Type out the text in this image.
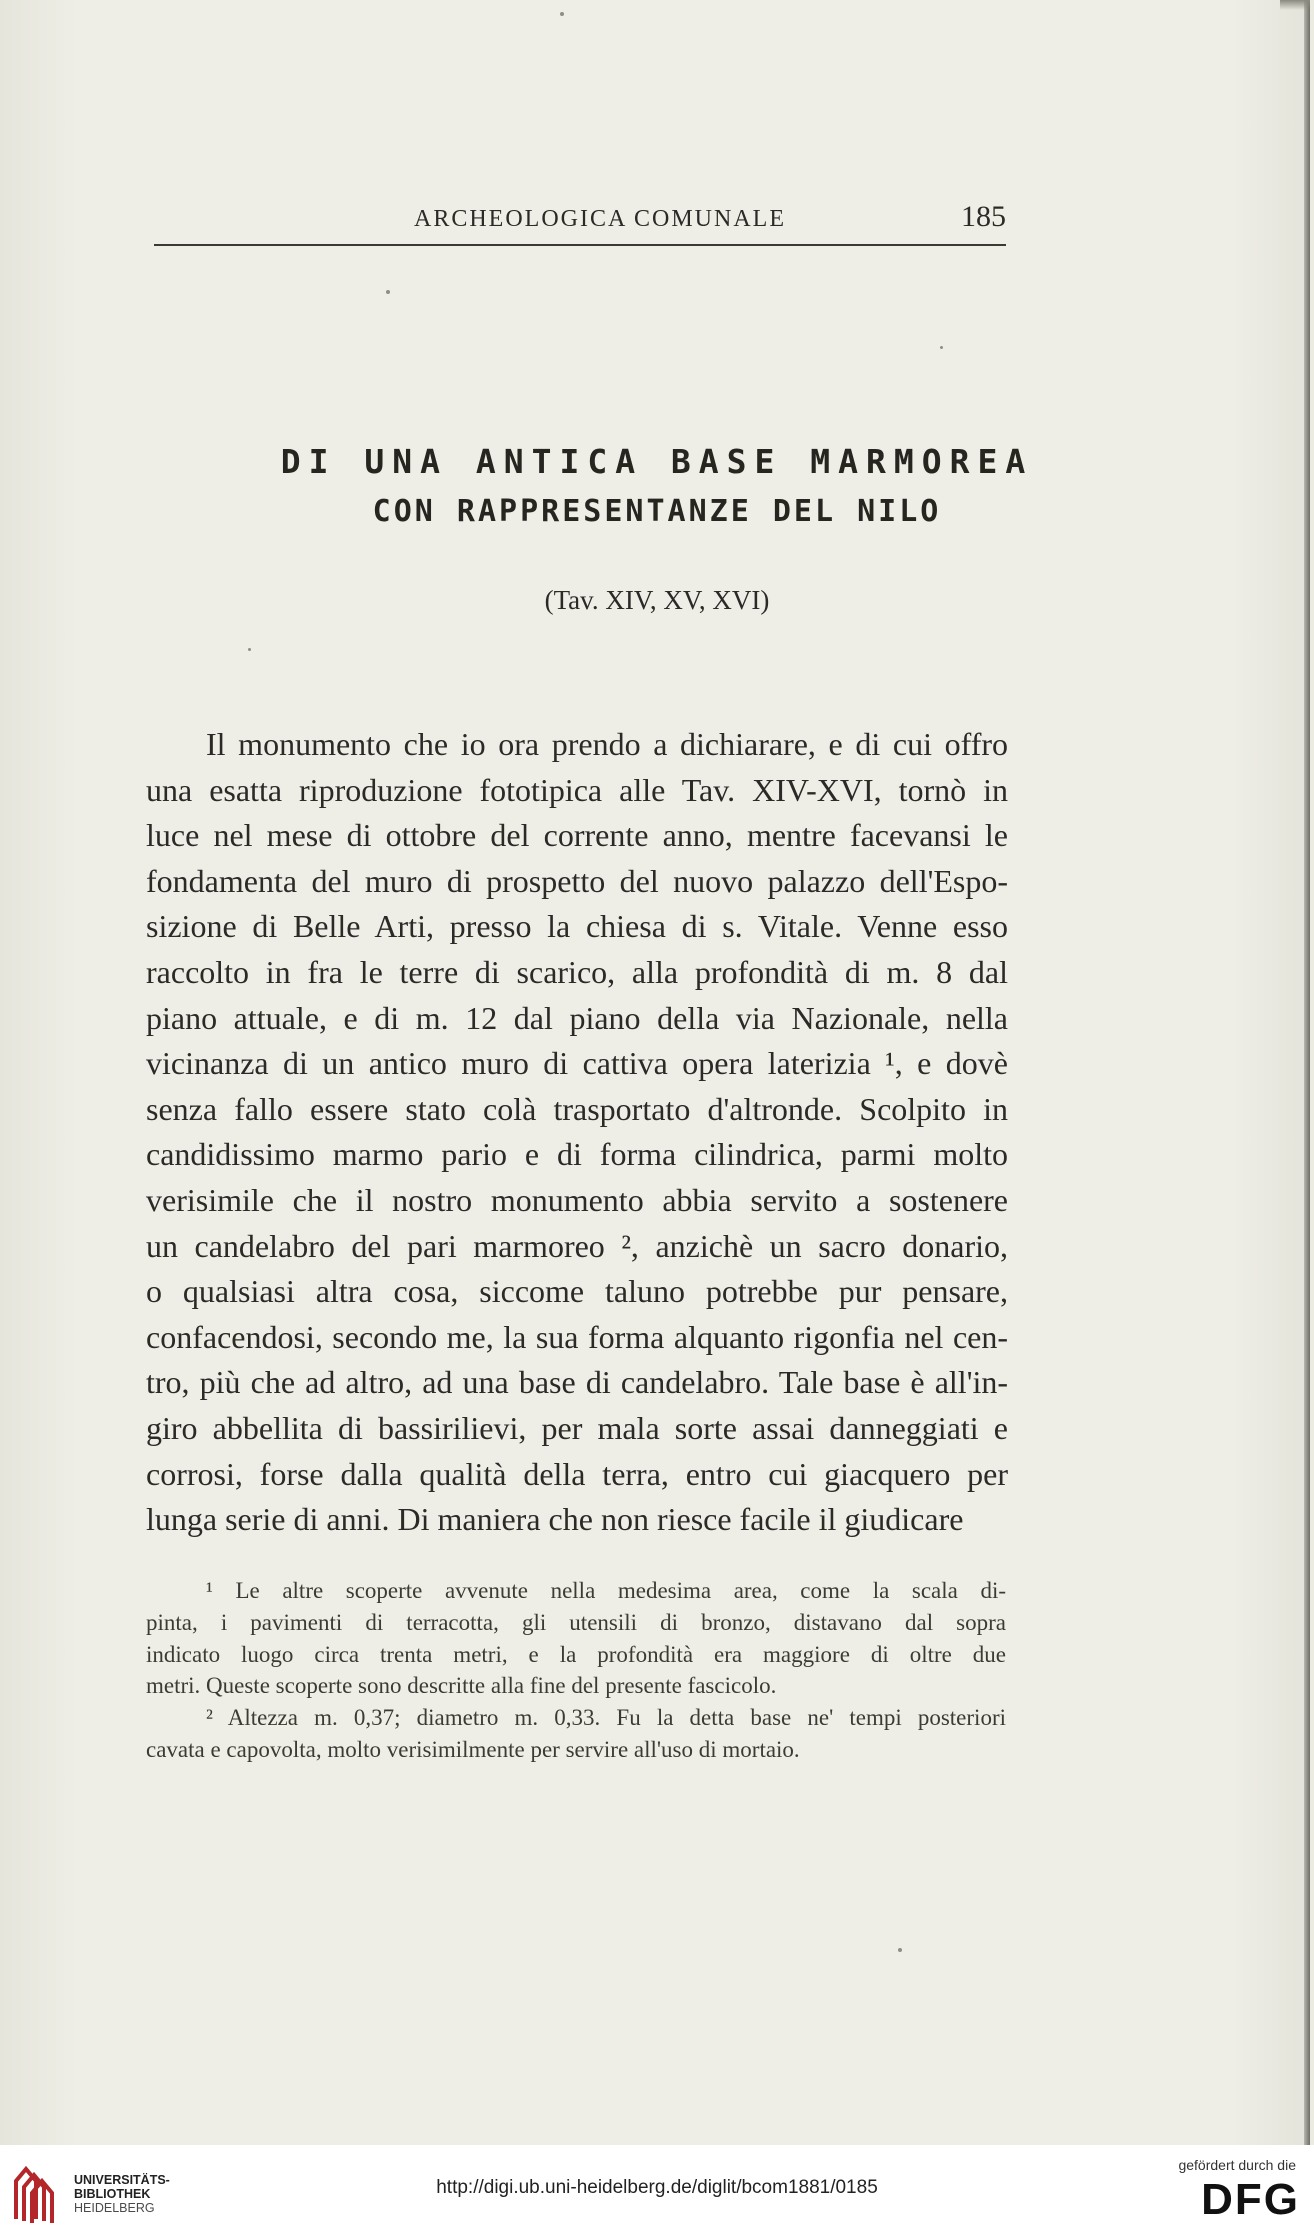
ARCHEOLOGICA COMUNALE	185
DI UNA ANTICA BASE MARMOREA
CON RAPPRESENTANZE DEL NILO
(Tav. XIV, XV, XVI)
Il monumento che io ora prendo a dichiarare, e di cui offro
una esatta riproduzione fototipica alle Tav. XIV-XVI, tornò in
luce nel mese di ottobre del corrente anno, mentre facevansi le
fondamenta del muro di prospetto del nuovo palazzo dell'Espo-
sizione di Belle Arti, presso la chiesa di s. Vitale. Venne esso
raccolto in fra le terre di scarico, alla profondità di m. 8 dal
piano attuale, e di m. 12 dal piano della via Nazionale, nella
vicinanza di un antico muro di cattiva opera laterizia ¹, e dovè
senza fallo essere stato colà trasportato d'altronde. Scolpito in
candidissimo marmo pario e di forma cilindrica, parmi molto
verisimile che il nostro monumento abbia servito a sostenere
un candelabro del pari marmoreo ², anzichè un sacro donario,
o qualsiasi altra cosa, siccome taluno potrebbe pur pensare,
confacendosi, secondo me, la sua forma alquanto rigonfia nel cen-
tro, più che ad altro, ad una base di candelabro. Tale base è all'in-
giro abbellita di bassirilievi, per mala sorte assai danneggiati e
corrosi, forse dalla qualità della terra, entro cui giacquero per
lunga serie di anni. Di maniera che non riesce facile il giudicare
¹ Le altre scoperte avvenute nella medesima area, come la scala di-
pinta, i pavimenti di terracotta, gli utensili di bronzo, distavano dal sopra
indicato luogo circa trenta metri, e la profondità era maggiore di oltre due
metri. Queste scoperte sono descritte alla fine del presente fascicolo.
² Altezza m. 0,37; diametro m. 0,33. Fu la detta base ne' tempi posteriori
cavata e capovolta, molto verisimilmente per servire all'uso di mortaio.
UNIVERSITÄTS-
BIBLIOTHEK
HEIDELBERG
http://digi.ub.uni-heidelberg.de/diglit/bcom1881/0185
gefördert durch die
DFG
